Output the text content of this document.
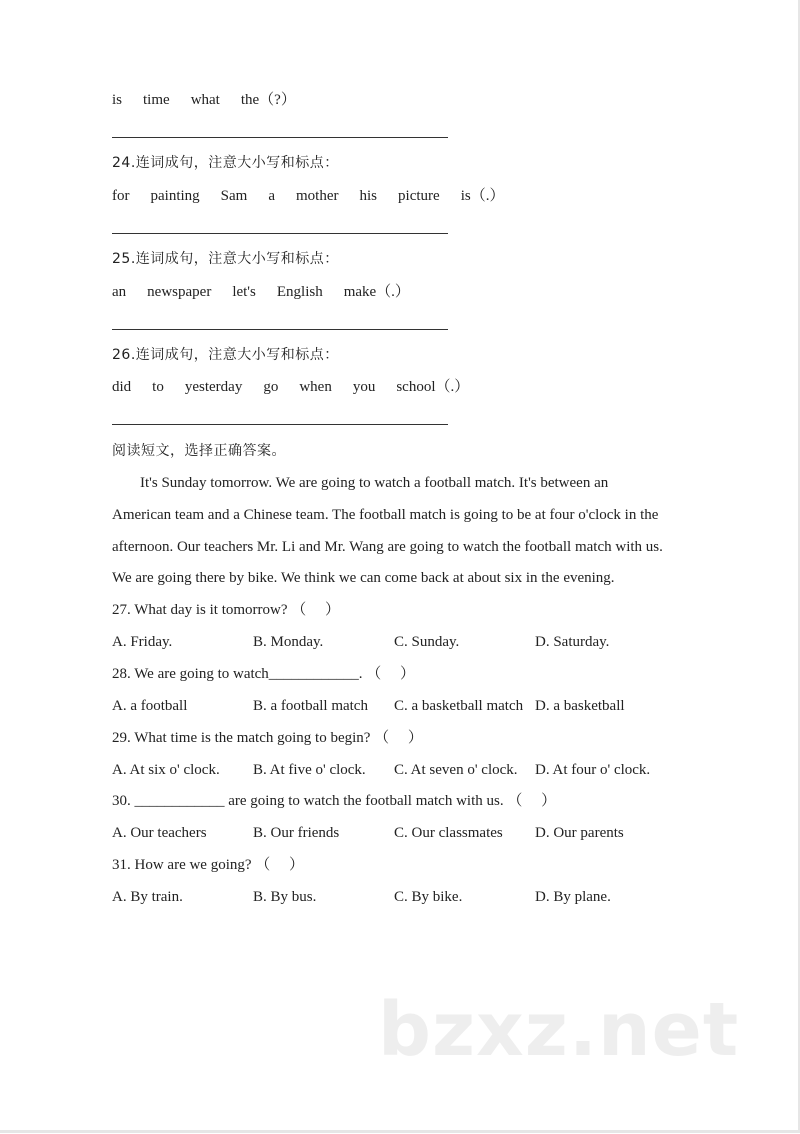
is time what the（?）
24.连词成句，注意大小写和标点：
for painting Sam a mother his picture is（.）
25.连词成句，注意大小写和标点：
an newspaper let's English make（.）
26.连词成句，注意大小写和标点：
did to yesterday go when you school（.）
阅读短文，选择正确答案。
It's Sunday tomorrow. We are going to watch a football match. It's between an
American team and a Chinese team. The football match is going to be at four o'clock in the
afternoon. Our teachers Mr. Li and Mr. Wang are going to watch the football match with us.
We are going there by bike. We think we can come back at about six in the evening.
27. What day is it tomorrow? （　 ）
A. Friday.	B. Monday.	C. Sunday.	D. Saturday.
28. We are going to watch____________. （　 ）
A. a football	B. a football match C. a basketball match D. a basketball
29. What time is the match going to begin? （　 ）
A. At six o' clock. B. At five o' clock. C. At seven o' clock. D. At four o' clock.
30. ____________ are going to watch the football match with us. （　 ）
A. Our teachers	B. Our friends	C. Our classmates D. Our parents
31. How are we going? （　 ）
A. By train.	B. By bus.	C. By bike.	D. By plane.
bzxz.net
